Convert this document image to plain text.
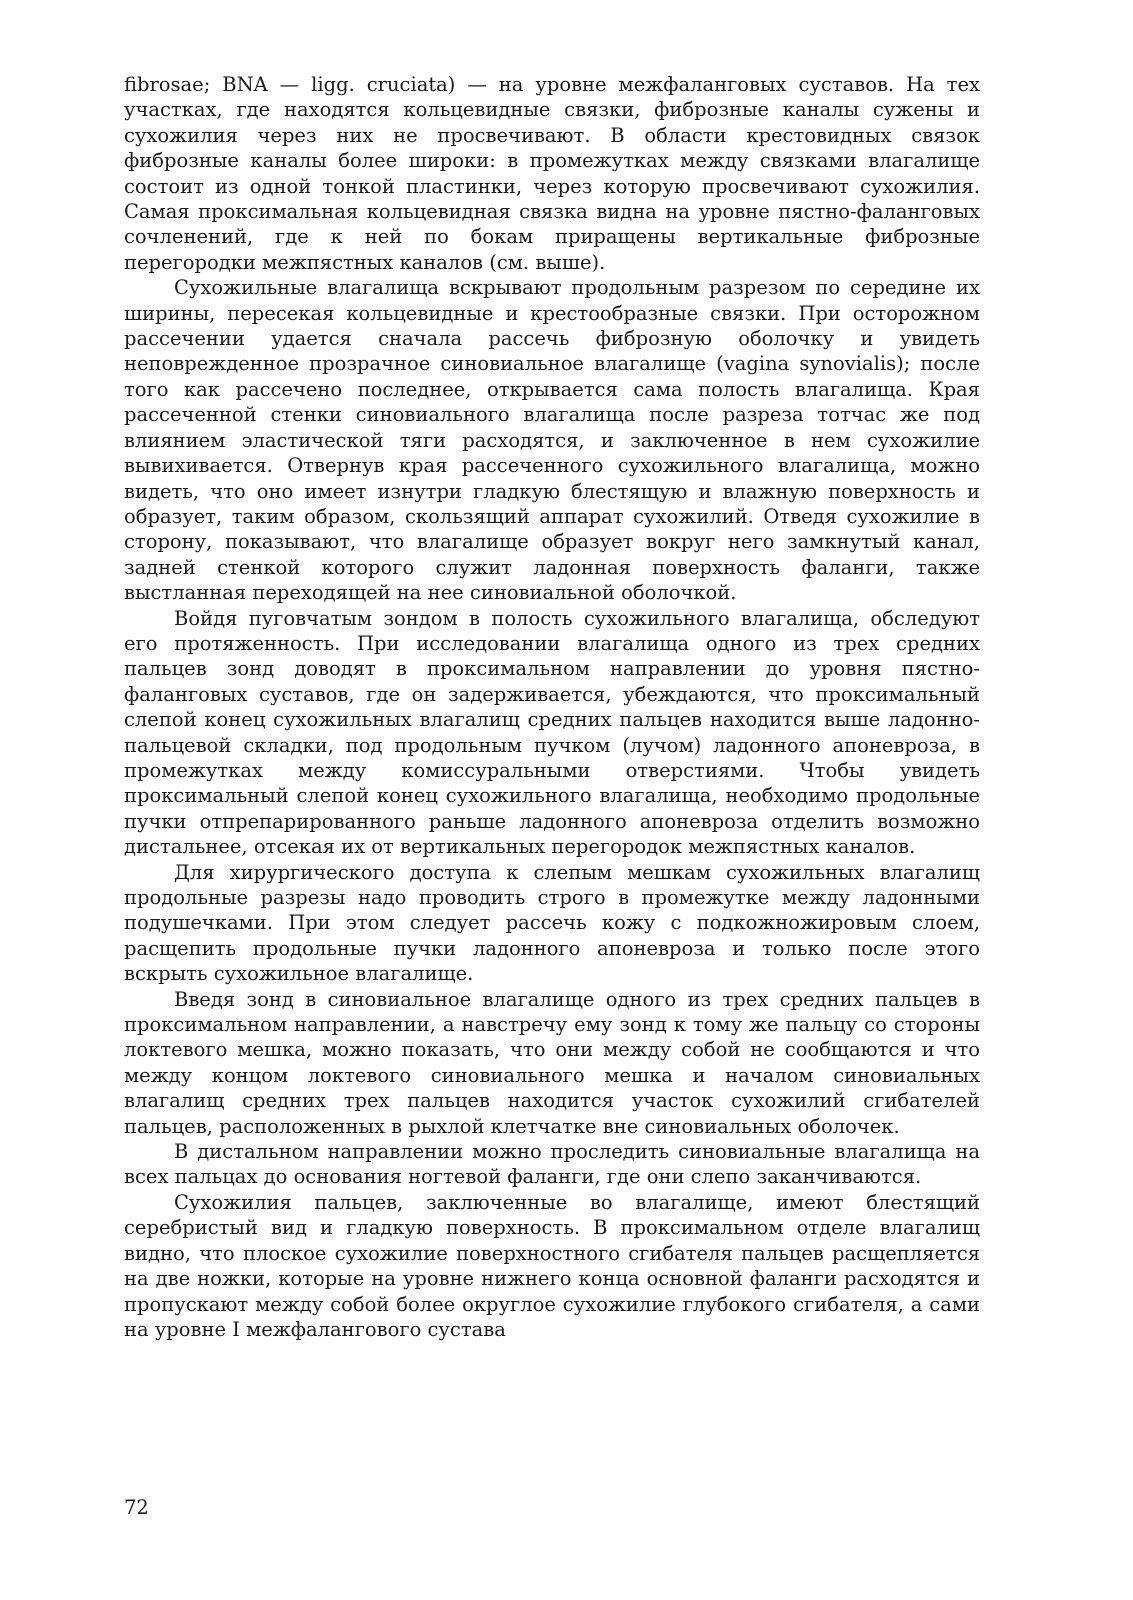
fibrosae; BNA — ligg. cruciata) — на уровне межфаланговых суставов. На тех участках, где находятся кольцевидные связки, фиброзные каналы сужены и сухожилия через них не просвечивают. В области крестовидных связок фиброзные каналы более широки: в промежутках между связками влагалище состоит из одной тонкой пластинки, через которую просвечивают сухожилия. Самая проксимальная кольцевидная связка видна на уровне пястно-фаланговых сочленений, где к ней по бокам приращены вертикальные фиброзные перегородки межпястных каналов (см. выше).

Сухожильные влагалища вскрывают продольным разрезом по середине их ширины, пересекая кольцевидные и крестообразные связки. При осторожном рассечении удается сначала рассечь фиброзную оболочку и увидеть неповрежденное прозрачное синовиальное влагалище (vagina synovialis); после того как рассечено последнее, открывается сама полость влагалища. Края рассеченной стенки синовиального влагалища после разреза тотчас же под влиянием эластической тяги расходятся, и заключенное в нем сухожилие вывихивается. Отвернув края рассеченного сухожильного влагалища, можно видеть, что оно имеет изнутри гладкую блестящую и влажную поверхность и образует, таким образом, скользящий аппарат сухожилий. Отведя сухожилие в сторону, показывают, что влагалище образует вокруг него замкнутый канал, задней стенкой которого служит ладонная поверхность фаланги, также выстланная переходящей на нее синовиальной оболочкой.

Войдя пуговчатым зондом в полость сухожильного влагалища, обследуют его протяженность. При исследовании влагалища одного из трех средних пальцев зонд доводят в проксимальном направлении до уровня пястно-фаланговых суставов, где он задерживается, убеждаются, что проксимальный слепой конец сухожильных влагалищ средних пальцев находится выше ладонно-пальцевой складки, под продольным пучком (лучом) ладонного апоневроза, в промежутках между комиссуральными отверстиями. Чтобы увидеть проксимальный слепой конец сухожильного влагалища, необходимо продольные пучки отпрепарированного раньше ладонного апоневроза отделить возможно дистальнее, отсекая их от вертикальных перегородок межпястных каналов.

Для хирургического доступа к слепым мешкам сухожильных влагалищ продольные разрезы надо проводить строго в промежутке между ладонными подушечками. При этом следует рассечь кожу с подкожножировым слоем, расщепить продольные пучки ладонного апоневроза и только после этого вскрыть сухожильное влагалище.

Введя зонд в синовиальное влагалище одного из трех средних пальцев в проксимальном направлении, а навстречу ему зонд к тому же пальцу со стороны локтевого мешка, можно показать, что они между собой не сообщаются и что между концом локтевого синовиального мешка и началом синовиальных влагалищ средних трех пальцев находится участок сухожилий сгибателей пальцев, расположенных в рыхлой клетчатке вне синовиальных оболочек.

В дистальном направлении можно проследить синовиальные влагалища на всех пальцах до основания ногтевой фаланги, где они слепо заканчиваются.

Сухожилия пальцев, заключенные во влагалище, имеют блестящий серебристый вид и гладкую поверхность. В проксимальном отделе влагалищ видно, что плоское сухожилие поверхностного сгибателя пальцев расщепляется на две ножки, которые на уровне нижнего конца основной фаланги расходятся и пропускают между собой более округлое сухожилие глубокого сгибателя, а сами на уровне I межфалангового сустава

72
